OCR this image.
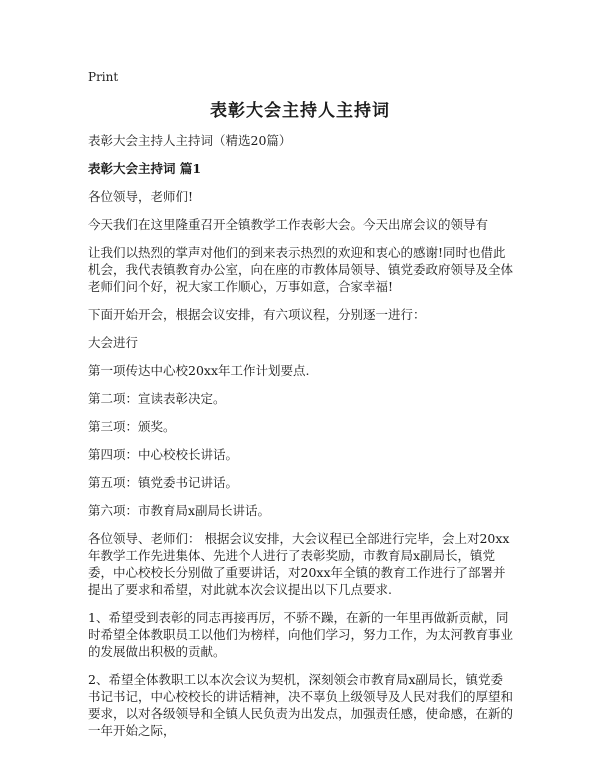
Print
表彰大会主持人主持词

表彰大会主持人主持词（精选20篇）

表彰大会主持词 篇1

各位领导，老师们!

今天我们在这里隆重召开全镇教学工作表彰大会。今天出席会议的领导有

让我们以热烈的掌声对他们的到来表示热烈的欢迎和衷心的感谢!同时也借此机会，我代表镇教育办公室，向在座的市教体局领导、镇党委政府领导及全体老师们问个好，祝大家工作顺心，万事如意，合家幸福!

下面开始开会，根据会议安排，有六项议程，分别逐一进行：

大会进行

第一项传达中心校20xx年工作计划要点.

第二项：宣读表彰决定。

第三项：颁奖。

第四项：中心校校长讲话。

第五项：镇党委书记讲话。

第六项：市教育局x副局长讲话。

各位领导、老师们： 根据会议安排，大会议程已全部进行完毕，会上对20xx年教学工作先进集体、先进个人进行了表彰奖励，市教育局x副局长，镇党委，中心校校长分别做了重要讲话，对20xx年全镇的教育工作进行了部署并提出了要求和希望，对此就本次会议提出以下几点要求.

1、希望受到表彰的同志再接再厉，不骄不躁，在新的一年里再做新贡献，同时希望全体教职员工以他们为榜样，向他们学习，努力工作，为太河教育事业的发展做出积极的贡献。

2、希望全体教职工以本次会议为契机，深刻领会市教育局x副局长，镇党委书记书记，中心校校长的讲话精神，决不辜负上级领导及人民对我们的厚望和要求，以对各级领导和全镇人民负责为出发点，加强责任感，使命感，在新的一年开始之际，
